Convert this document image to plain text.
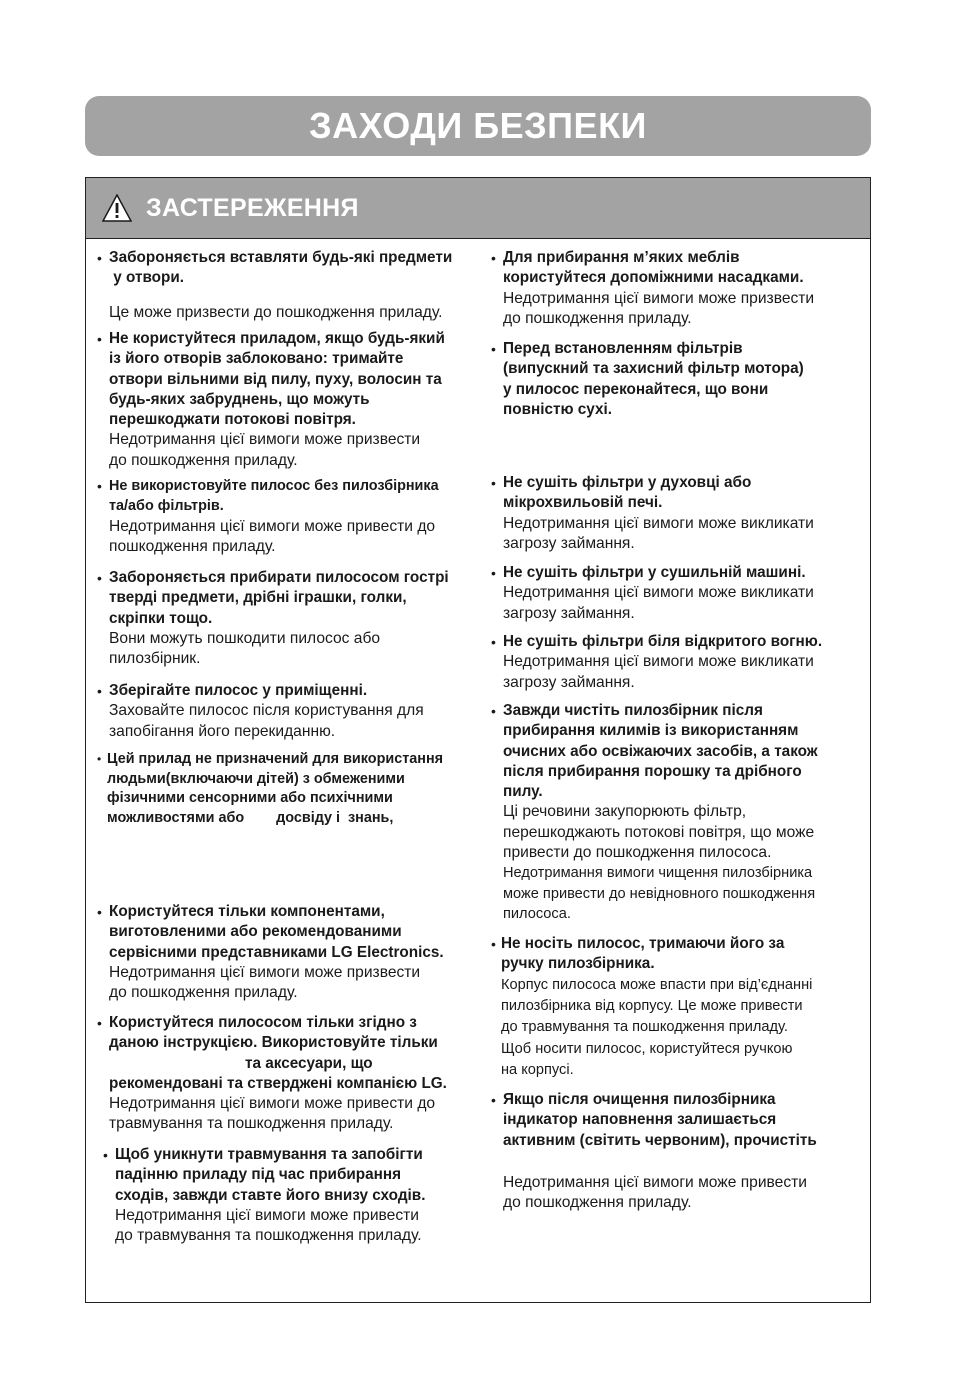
ЗАХОДИ БЕЗПЕКИ
ЗАСТЕРЕЖЕННЯ
• Забороняється вставляти будь-які предмети
у отвори.
Це може призвести до пошкодження приладу.
• Не користуйтеся приладом, якщо будь-який
із його отворів заблоковано: тримайте
отвори вільними від пилу, пуху, волосин та
будь-яких забруднень, що можуть
перешкоджати потокові повітря.
Недотримання цієї вимоги може призвести
до пошкодження приладу.
• Не використовуйте пилосос без пилозбірника
та/або фільтрів.
Недотримання цієї вимоги може привести до
пошкодження приладу.
• Забороняється прибирати пилососом гострі
тверді предмети, дрібні іграшки, голки,
скріпки тощо.
Вони можуть пошкодити пилосос або
пилозбірник.
• Зберігайте пилосос у приміщенні.
Заховайте пилосос після користування для
запобігання його перекиданню.
• Цей прилад не призначений для використання
людьми(включаючи дітей) з обмеженими
фізичними сенсорними або психічними
можливостями або        досвіду і  знань,
• Користуйтеся тільки компонентами,
виготовленими або рекомендованими
сервісними представниками LG Electronics.
Недотримання цієї вимоги може призвести
до пошкодження приладу.
• Користуйтеся пилососом тільки згідно з
даною інструкцією. Використовуйте тільки
та аксесуари, що
рекомендовані та стверджені компанією LG.
Недотримання цієї вимоги може привести до
травмування та пошкодження приладу.
• Щоб уникнути травмування та запобігти
падінню приладу під час прибирання
сходів, завжди ставте його внизу сходів.
Недотримання цієї вимоги може привести
до травмування та пошкодження приладу.
• Для прибирання м’яких меблів
користуйтеся допоміжними насадками.
Недотримання цієї вимоги може призвести
до пошкодження приладу.
• Перед встановленням фільтрів
(випускний та захисний фільтр мотора)
у пилосос переконайтеся, що вони
повністю сухі.
• Не сушіть фільтри у духовці або
мікрохвильовій печі.
Недотримання цієї вимоги може викликати
загрозу займання.
• Не сушіть фільтри у сушильній машині.
Недотримання цієї вимоги може викликати
загрозу займання.
• Не сушіть фільтри біля відкритого вогню.
Недотримання цієї вимоги може викликати
загрозу займання.
• Завжди чистіть пилозбірник після
прибирання килимів із використанням
очисних або освіжаючих засобів, а також
після прибирання порошку та дрібного
пилу.
Ці речовини закупорюють фільтр,
перешкоджають потокові повітря, що може
привести до пошкодження пилососа.
Недотримання вимоги чищення пилозбірника
може привести до невідновного пошкодження
пилососа.
• Не носіть пилосос, тримаючи його за
ручку пилозбірника.
Корпус пилососа може впасти при від’єднанні
пилозбірника від корпусу. Це може привести
до травмування та пошкодження приладу.
Щоб носити пилосос, користуйтеся ручкою
на корпусі.
• Якщо після очищення пилозбірника
індикатор наповнення залишається
активним (світить червоним), прочистіть
Недотримання цієї вимоги може привести
до пошкодження приладу.
